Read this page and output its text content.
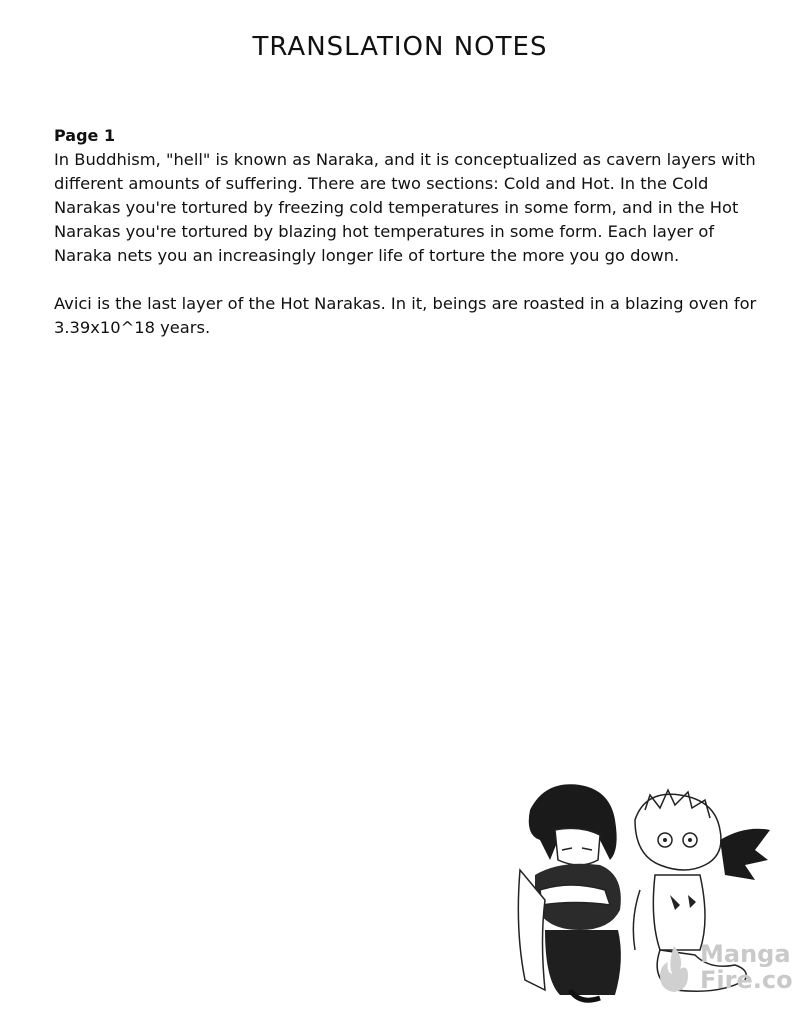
TRANSLATION NOTES
Page 1

In Buddhism, "hell" is known as Naraka, and it is conceptualized as cavern layers with different amounts of suffering. There are two sections: Cold and Hot. In the Cold Narakas you're tortured by freezing cold temperatures in some form, and in the Hot Narakas you're tortured by blazing hot temperatures in some form. Each layer of Naraka nets you an increasingly longer life of torture the more you go down.

Avici is the last layer of the Hot Narakas. In it, beings are roasted in a blazing oven for 3.39x10^18 years.

Manga
Fire.co
